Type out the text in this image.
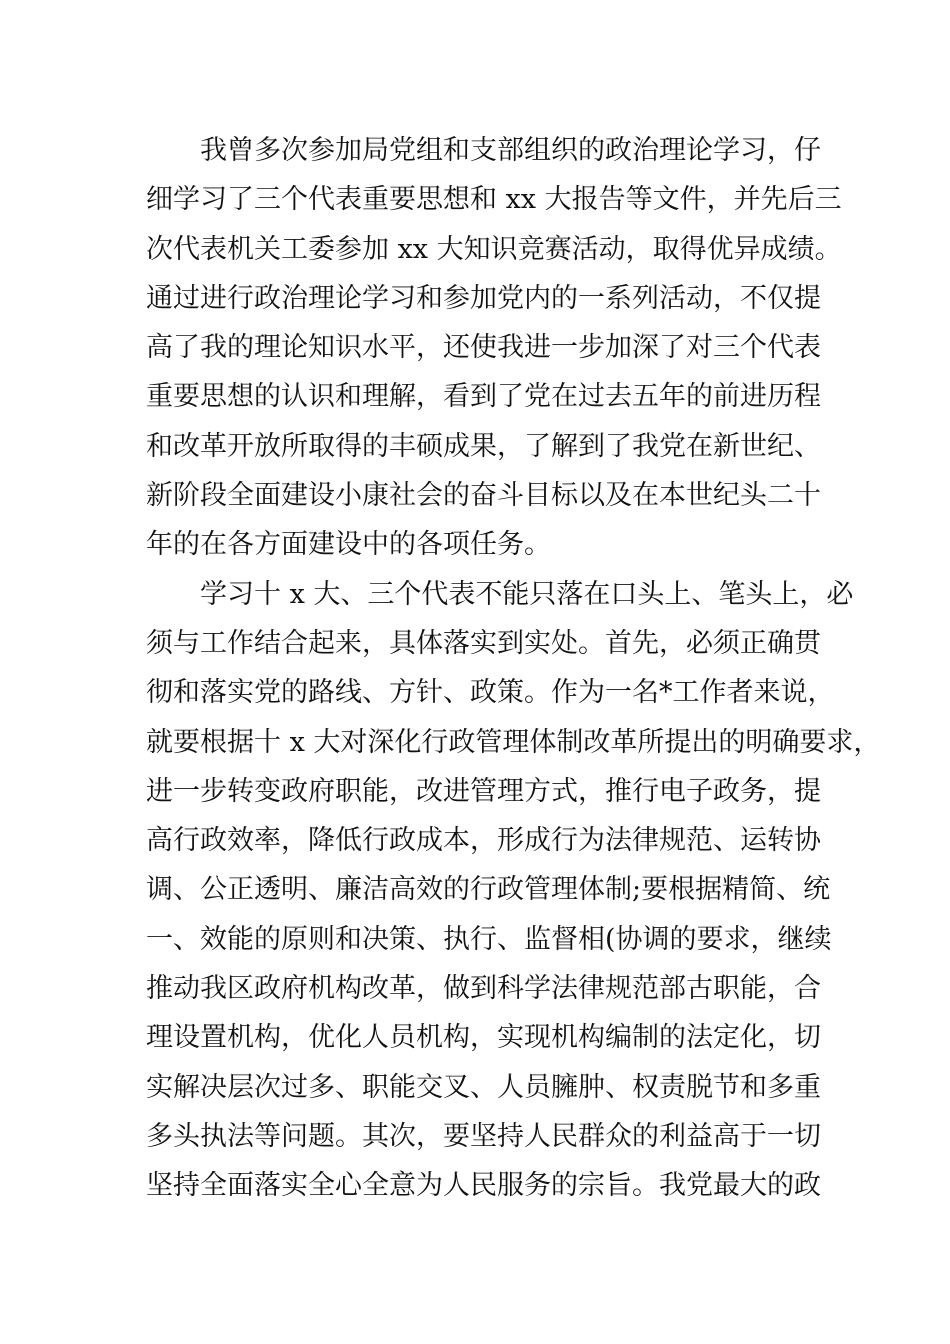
我曾多次参加局党组和支部组织的政治理论学习，仔
细学习了三个代表重要思想和 xx 大报告等文件，并先后三
次代表机关工委参加 xx 大知识竞赛活动，取得优异成绩。
通过进行政治理论学习和参加党内的一系列活动，不仅提
高了我的理论知识水平，还使我进一步加深了对三个代表
重要思想的认识和理解，看到了党在过去五年的前进历程
和改革开放所取得的丰硕成果，了解到了我党在新世纪、
新阶段全面建设小康社会的奋斗目标以及在本世纪头二十
年的在各方面建设中的各项任务。
学习十 x 大、三个代表不能只落在口头上、笔头上，必
须与工作结合起来，具体落实到实处。首先，必须正确贯
彻和落实党的路线、方针、政策。作为一名*工作者来说，
就要根据十 x 大对深化行政管理体制改革所提出的明确要求，
进一步转变政府职能，改进管理方式，推行电子政务，提
高行政效率，降低行政成本，形成行为法律规范、运转协
调、公正透明、廉洁高效的行政管理体制;要根据精简、统
一、效能的原则和决策、执行、监督相(协调的要求，继续
推动我区政府机构改革，做到科学法律规范部古职能，合
理设置机构，优化人员机构，实现机构编制的法定化，切
实解决层次过多、职能交叉、人员臃肿、权责脱节和多重
多头执法等问题。其次，要坚持人民群众的利益高于一切
坚持全面落实全心全意为人民服务的宗旨。我党最大的政
